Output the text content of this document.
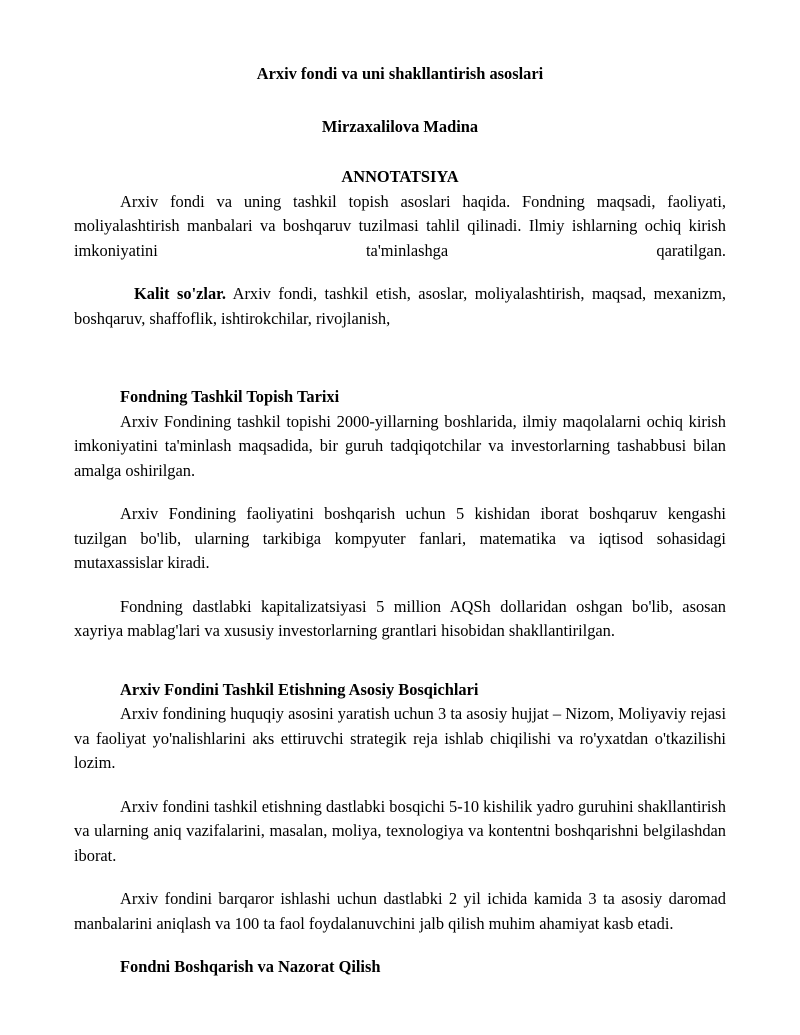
Arxiv fondi va uni shakllantirish asoslari

Mirzaxalilova Madina

ANNOTATSIYA

Arxiv fondi va uning tashkil topish asoslari haqida. Fondning maqsadi, faoliyati, moliyalashtirish manbalari va boshqaruv tuzilmasi tahlil qilinadi. Ilmiy ishlarning ochiq kirish imkoniyatini ta'minlashga qaratilgan.

Kalit so'zlar. Arxiv fondi, tashkil etish, asoslar, moliyalashtirish, maqsad, mexanizm, boshqaruv, shaffoflik, ishtirokchilar, rivojlanish,

Fondning Tashkil Topish Tarixi

Arxiv Fondining tashkil topishi 2000-yillarning boshlarida, ilmiy maqolalarni ochiq kirish imkoniyatini ta'minlash maqsadida, bir guruh tadqiqotchilar va investorlarning tashabbusi bilan amalga oshirilgan.

Arxiv Fondining faoliyatini boshqarish uchun 5 kishidan iborat boshqaruv kengashi tuzilgan bo'lib, ularning tarkibiga kompyuter fanlari, matematika va iqtisod sohasidagi mutaxassislar kiradi.

Fondning dastlabki kapitalizatsiyasi 5 million AQSh dollaridan oshgan bo'lib, asosan xayriya mablag'lari va xususiy investorlarning grantlari hisobidan shakllantirilgan.

Arxiv Fondini Tashkil Etishning Asosiy Bosqichlari

Arxiv fondining huquqiy asosini yaratish uchun 3 ta asosiy hujjat – Nizom, Moliyaviy rejasi va faoliyat yo'nalishlarini aks ettiruvchi strategik reja ishlab chiqilishi va ro'yxatdan o'tkazilishi lozim.

Arxiv fondini tashkil etishning dastlabki bosqichi 5-10 kishilik yadro guruhini shakllantirish va ularning aniq vazifalarini, masalan, moliya, texnologiya va kontentni boshqarishni belgilashdan iborat.

Arxiv fondini barqaror ishlashi uchun dastlabki 2 yil ichida kamida 3 ta asosiy daromad manbalarini aniqlash va 100 ta faol foydalanuvchini jalb qilish muhim ahamiyat kasb etadi.

Fondni Boshqarish va Nazorat Qilish
